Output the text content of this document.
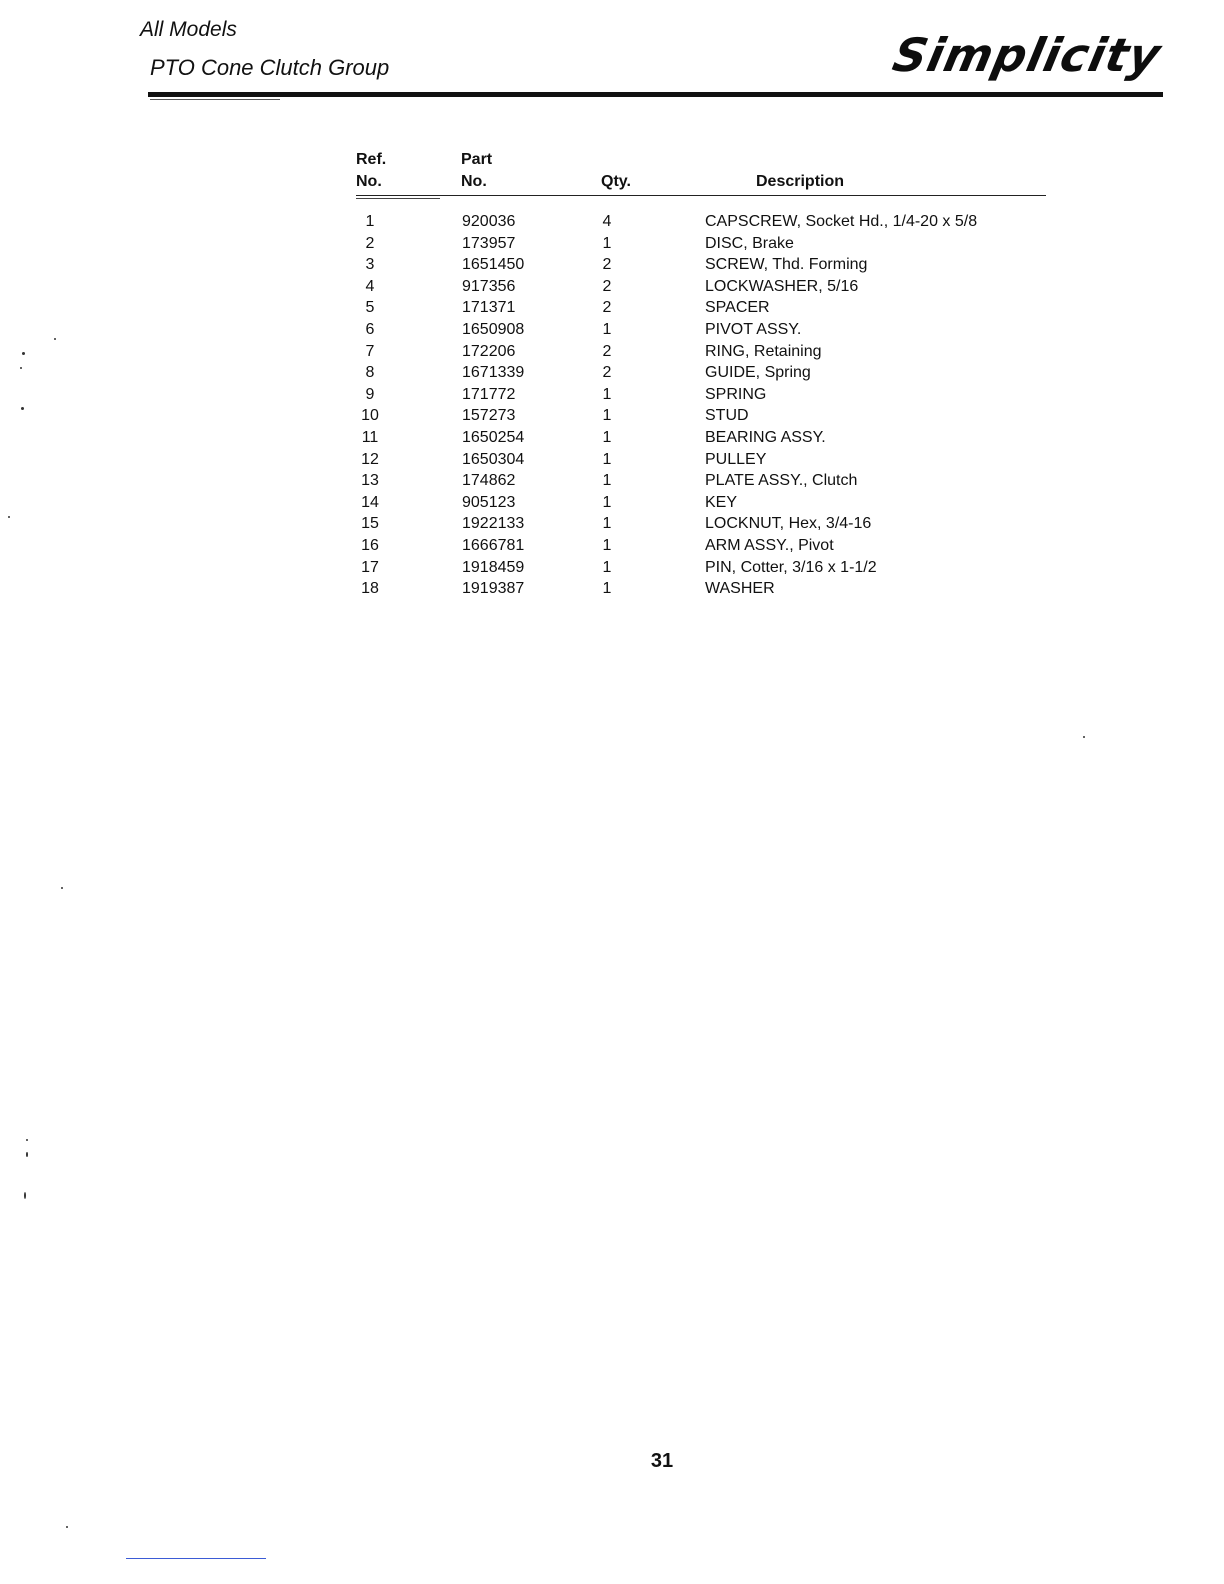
All Models
PTO Cone Clutch Group	Simplicity
Ref.
No.
Part
No.	Qty.	Description
1	920036	4	CAPSCREW, Socket Hd., 1/4-20 x 5/8
2	173957	1	DISC, Brake
3	1651450	2	SCREW, Thd. Forming
4	917356	2	LOCKWASHER, 5/16
5	171371	2	SPACER
6	1650908	1	PIVOT ASSY.
7	172206	2	RING, Retaining
8	1671339	2	GUIDE, Spring
9	171772	1	SPRING
10	157273	1	STUD
11	1650254	1	BEARING ASSY.
12	1650304	1	PULLEY
13	174862	1	PLATE ASSY., Clutch
14	905123	1	KEY
15	1922133	1	LOCKNUT, Hex, 3/4-16
16	1666781	1	ARM ASSY., Pivot
17	1918459	1	PIN, Cotter, 3/16 x 1-1/2
18	1919387	1	WASHER
31
